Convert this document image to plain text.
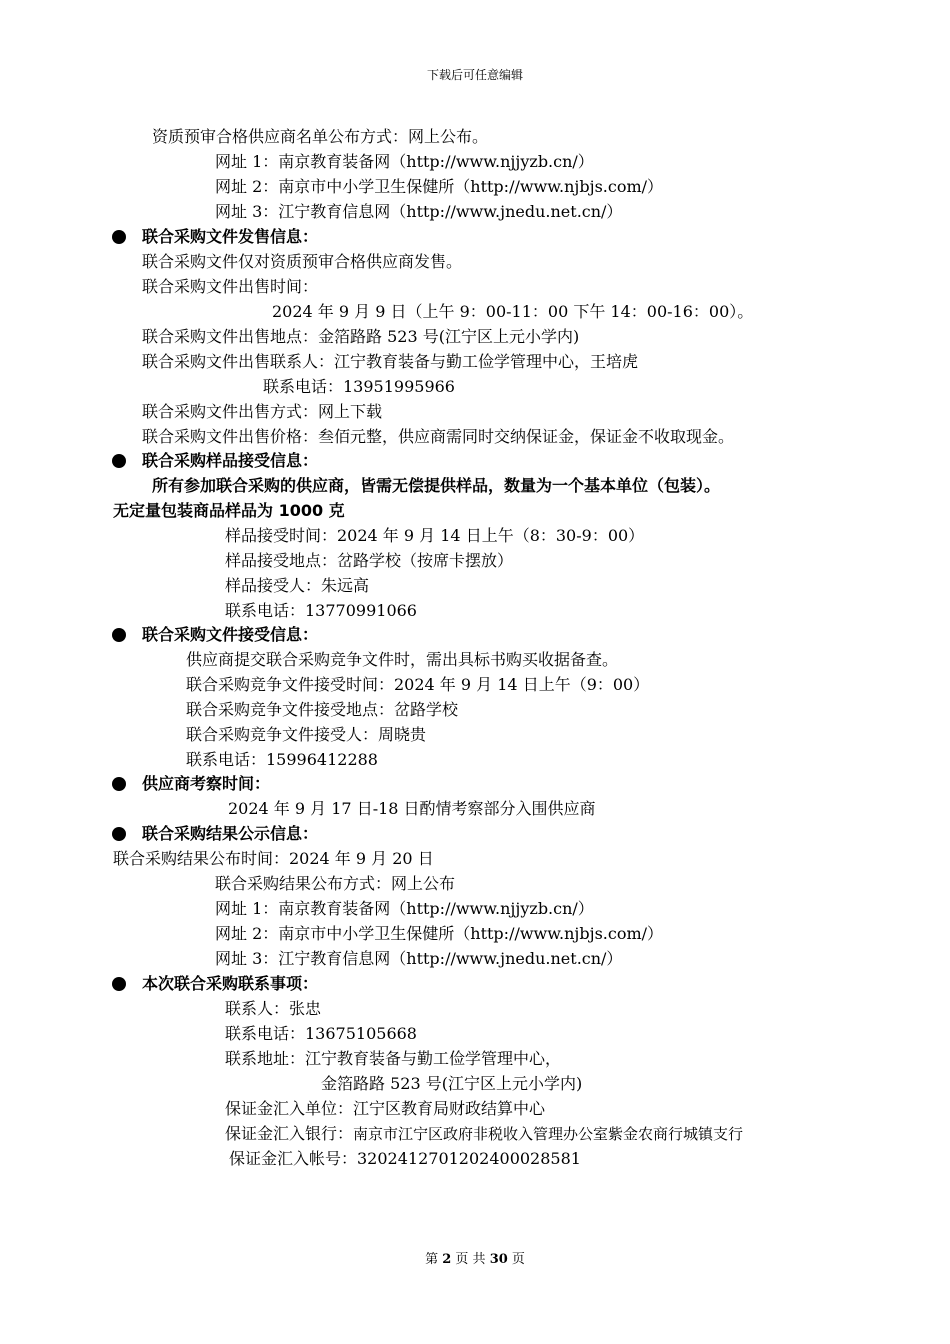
下载后可任意编辑
资质预审合格供应商名单公布方式：网上公布。
网址 1：南京教育装备网（http://www.njjyzb.cn/）
网址 2：南京市中小学卫生保健所（http://www.njbjs.com/）
网址 3：江宁教育信息网（http://www.jnedu.net.cn/）
联合采购文件发售信息：
联合采购文件仅对资质预审合格供应商发售。
联合采购文件出售时间：
2024 年 9 月 9 日（上午 9：00-11：00 下午 14：00-16：00）。
联合采购文件出售地点：金箔路路 523 号(江宁区上元小学内)
联合采购文件出售联系人：江宁教育装备与勤工俭学管理中心，王培虎
联系电话：13951995966
联合采购文件出售方式：网上下载
联合采购文件出售价格：叁佰元整，供应商需同时交纳保证金，保证金不收取现金。
联合采购样品接受信息：
所有参加联合采购的供应商，皆需无偿提供样品，数量为一个基本单位（包装）。
无定量包装商品样品为 1000 克
样品接受时间：2024 年 9 月 14 日上午（8：30-9：00）
样品接受地点：岔路学校（按席卡摆放）
样品接受人：朱远高
联系电话：13770991066
联合采购文件接受信息：
供应商提交联合采购竞争文件时，需出具标书购买收据备查。
联合采购竞争文件接受时间：2024 年 9 月 14 日上午（9：00）
联合采购竞争文件接受地点：岔路学校
联合采购竞争文件接受人：周晓贵
联系电话：15996412288
供应商考察时间：
2024 年 9 月 17 日-18 日酌情考察部分入围供应商
联合采购结果公示信息：
联合采购结果公布时间：2024 年 9 月 20 日
联合采购结果公布方式：网上公布
网址 1：南京教育装备网（http://www.njjyzb.cn/）
网址 2：南京市中小学卫生保健所（http://www.njbjs.com/）
网址 3：江宁教育信息网（http://www.jnedu.net.cn/）
本次联合采购联系事项：
联系人：张忠
联系电话：13675105668
联系地址：江宁教育装备与勤工俭学管理中心，
金箔路路 523 号(江宁区上元小学内)
保证金汇入单位：江宁区教育局财政结算中心
保证金汇入银行：南京市江宁区政府非税收入管理办公室紫金农商行城镇支行
保证金汇入帐号：3202412701202400028581
第 2 页 共 30 页
